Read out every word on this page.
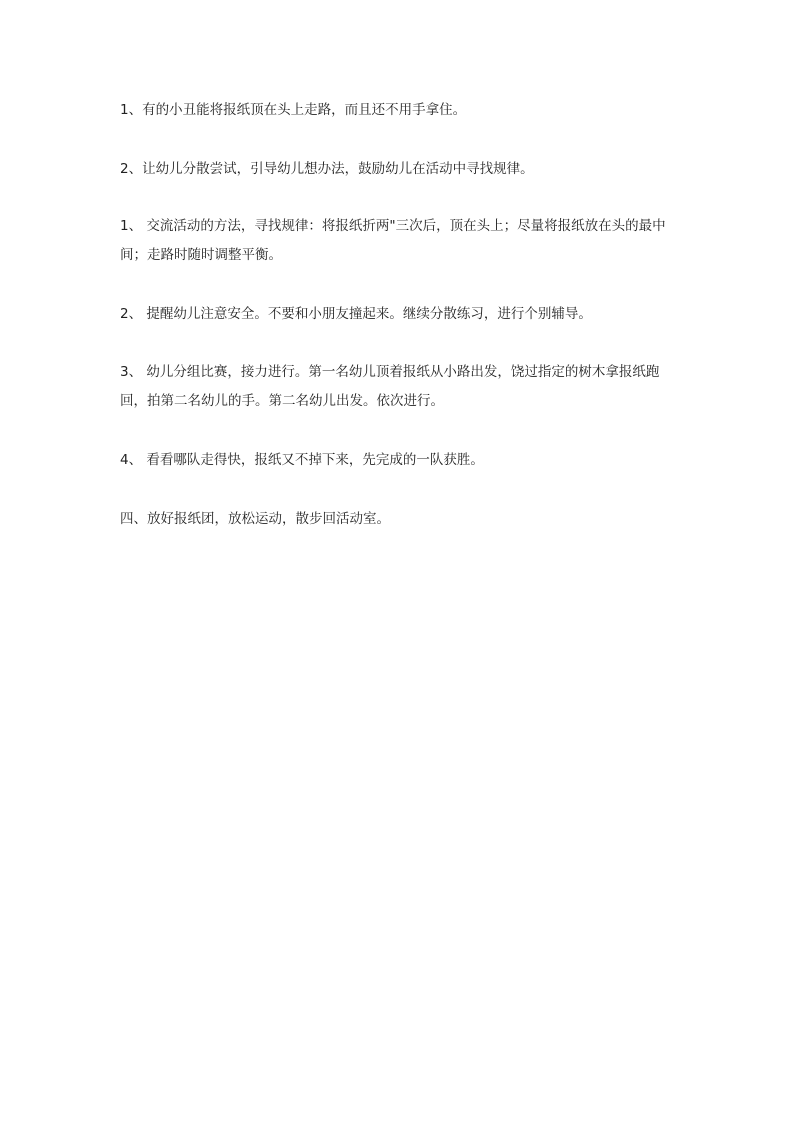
1、有的小丑能将报纸顶在头上走路，而且还不用手拿住。

2、让幼儿分散尝试，引导幼儿想办法，鼓励幼儿在活动中寻找规律。

1、 交流活动的方法，寻找规律：将报纸折两"三次后，顶在头上；尽量将报纸放在头的最中间；走路时随时调整平衡。

2、 提醒幼儿注意安全。不要和小朋友撞起来。继续分散练习，进行个别辅导。

3、 幼儿分组比赛，接力进行。第一名幼儿顶着报纸从小路出发，饶过指定的树木拿报纸跑回，拍第二名幼儿的手。第二名幼儿出发。依次进行。

4、 看看哪队走得快，报纸又不掉下来，先完成的一队获胜。

四、放好报纸团，放松运动，散步回活动室。
